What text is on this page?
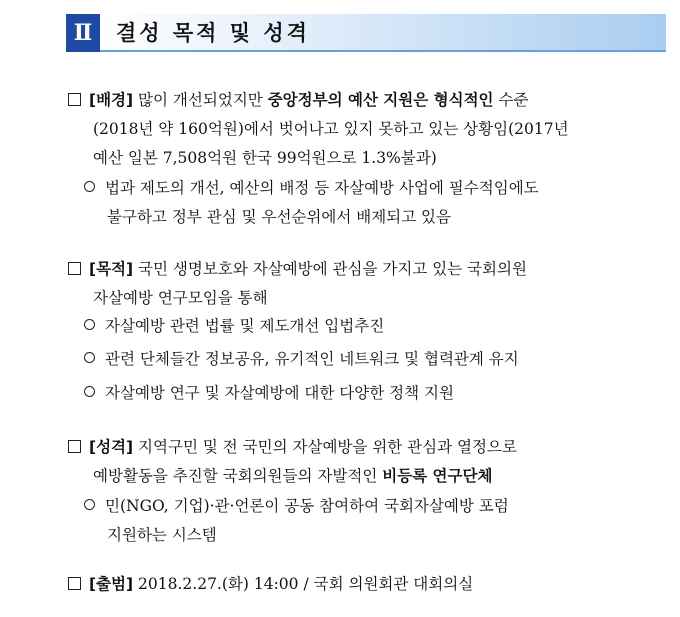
Ⅱ	결성 목적 및 성격
[배경] 많이 개선되었지만 중앙정부의 예산 지원은 형식적인 수준
(2018년 약 160억원)에서 벗어나고 있지 못하고 있는 상황임(2017년
예산 일본 7,508억원 한국 99억원으로 1.3%불과)
법과 제도의 개선, 예산의 배정 등 자살예방 사업에 필수적임에도
불구하고 정부 관심 및 우선순위에서 배제되고 있음
[목적] 국민 생명보호와 자살예방에 관심을 가지고 있는 국회의원
자살예방 연구모임을 통해
자살예방 관련 법률 및 제도개선 입법추진
관련 단체들간 정보공유, 유기적인 네트워크 및 협력관계 유지
자살예방 연구 및 자살예방에 대한 다양한 정책 지원
[성격] 지역구민 및 전 국민의 자살예방을 위한 관심과 열정으로
예방활동을 추진할 국회의원들의 자발적인 비등록 연구단체
민(NGO, 기업)·관·언론이 공동 참여하여 국회자살예방 포럼
지원하는 시스템
[출범] 2018.2.27.(화) 14:00 / 국회 의원회관 대회의실
